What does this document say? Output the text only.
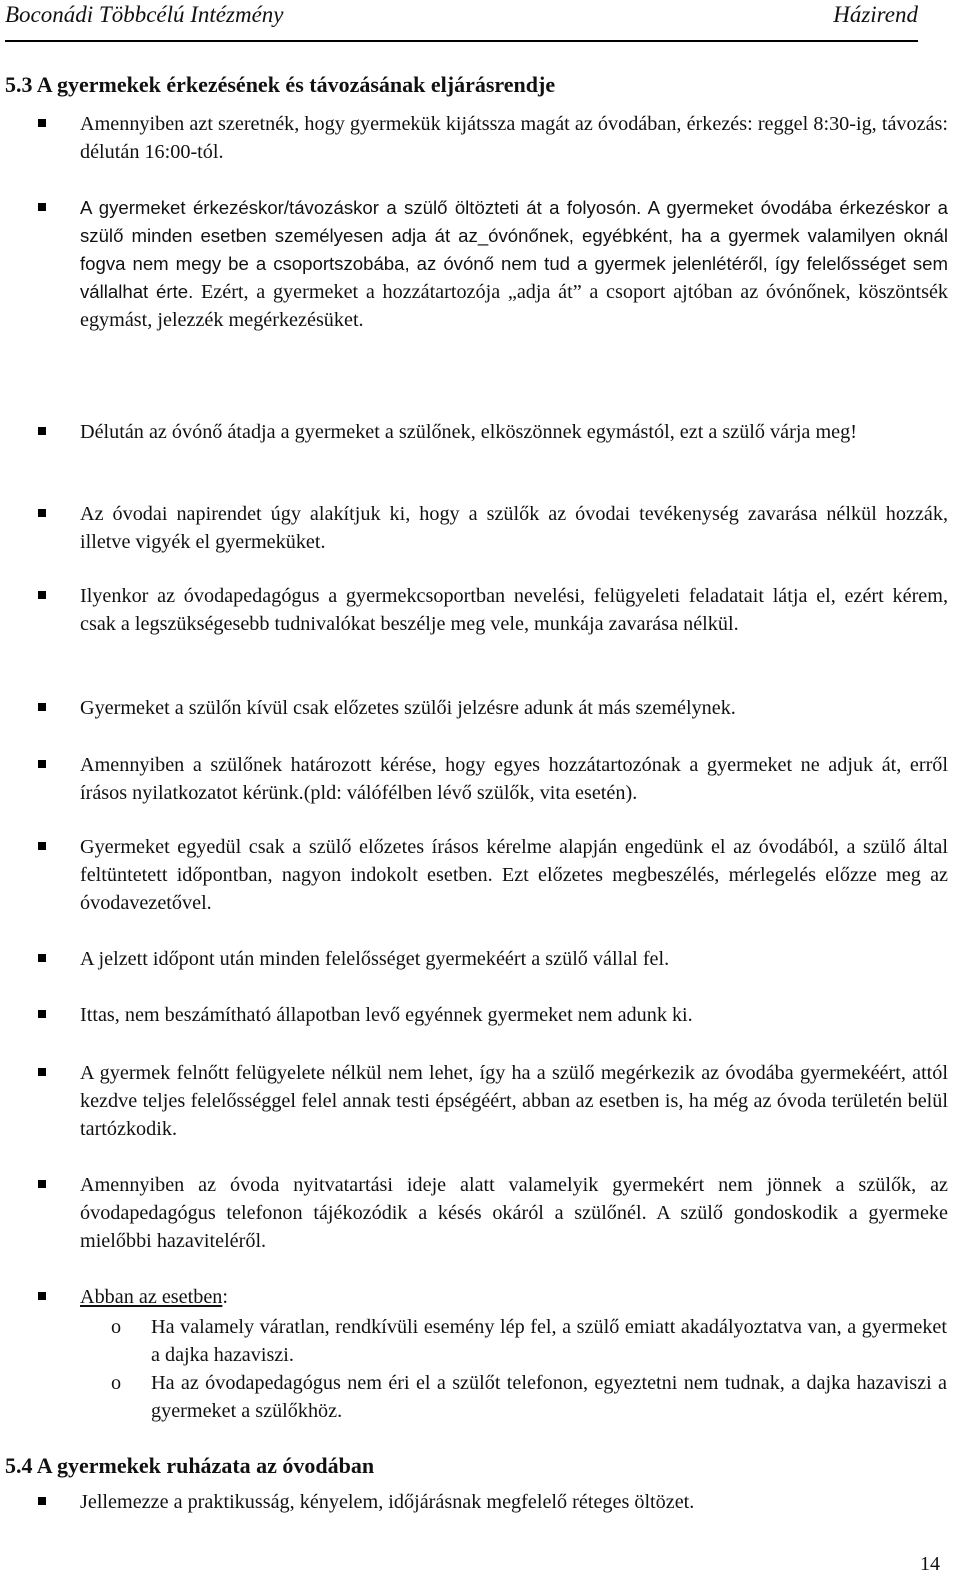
Boconádi Többcélú Intézmény	Házirend
5.3 A gyermekek érkezésének és távozásának eljárásrendje
Amennyiben azt szeretnék, hogy gyermekük kijátssza magát az óvodában, érkezés: reggel 8:30-ig, távozás: délután 16:00-tól.
A gyermeket érkezéskor/távozáskor a szülő öltözteti át a folyosón. A gyermeket óvodába érkezéskor a szülő minden esetben személyesen adja át az_óvónőnek, egyébként, ha a gyermek valamilyen oknál fogva nem megy be a csoportszobába, az óvónő nem tud a gyermek jelenlétéről, így felelősséget sem vállalhat érte. Ezért, a gyermeket a hozzátartozója „adja át” a csoport ajtóban az óvónőnek, köszöntsék egymást, jelezzék megérkezésüket.
Délután az óvónő átadja a gyermeket a szülőnek, elköszönnek egymástól, ezt a szülő várja meg!
Az óvodai napirendet úgy alakítjuk ki, hogy a szülők az óvodai tevékenység zavarása nélkül hozzák, illetve vigyék el gyermeküket.
Ilyenkor az óvodapedagógus a gyermekcsoportban nevelési, felügyeleti feladatait látja el, ezért kérem, csak a legszükségesebb tudnivalókat beszélje meg vele, munkája zavarása nélkül.
Gyermeket a szülőn kívül csak előzetes szülői jelzésre adunk át más személynek.
Amennyiben a szülőnek határozott kérése, hogy egyes hozzátartozónak a gyermeket ne adjuk át, erről írásos nyilatkozatot kérünk.(pld: válófélben lévő szülők, vita esetén).
Gyermeket egyedül csak a szülő előzetes írásos kérelme alapján engedünk el az óvodából, a szülő által feltüntetett időpontban, nagyon indokolt esetben. Ezt előzetes megbeszélés, mérlegelés előzze meg az óvodavezetővel.
A jelzett időpont után minden felelősséget gyermekéért a szülő vállal fel.
Ittas, nem beszámítható állapotban levő egyénnek gyermeket nem adunk ki.
A gyermek felnőtt felügyelete nélkül nem lehet, így ha a szülő megérkezik az óvodába gyermekéért, attól kezdve teljes felelősséggel felel annak testi épségéért, abban az esetben is, ha még az óvoda területén belül tartózkodik.
Amennyiben az óvoda nyitvatartási ideje alatt valamelyik gyermekért nem jönnek a szülők, az óvodapedagógus telefonon tájékozódik a késés okáról a szülőnél. A szülő gondoskodik a gyermeke mielőbbi hazaviteléről.
Abban az esetben:
o Ha valamely váratlan, rendkívüli esemény lép fel, a szülő emiatt akadályoztatva van, a gyermeket a dajka hazaviszi.
o Ha az óvodapedagógus nem éri el a szülőt telefonon, egyeztetni nem tudnak, a dajka hazaviszi a gyermeket a szülőkhöz.
5.4 A gyermekek ruházata az óvodában
Jellemezze a praktikusság, kényelem, időjárásnak megfelelő réteges öltözet.
14
